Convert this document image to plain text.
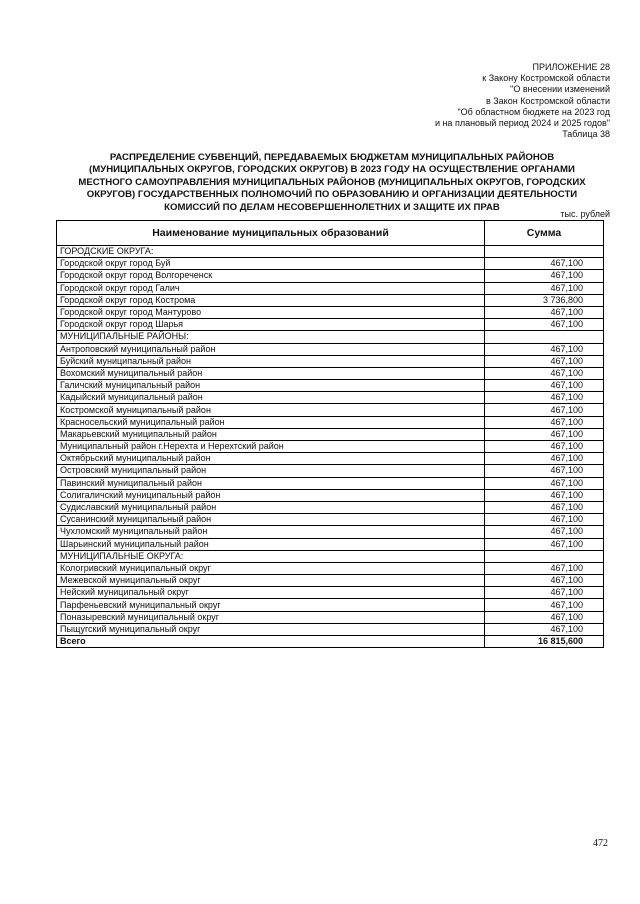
ПРИЛОЖЕНИЕ 28
к Закону Костромской области
"О внесении изменений
в Закон Костромской области
"Об областном бюджете на 2023 год
и на плановый период 2024 и 2025 годов"
Таблица 38
РАСПРЕДЕЛЕНИЕ СУБВЕНЦИЙ, ПЕРЕДАВАЕМЫХ БЮДЖЕТАМ МУНИЦИПАЛЬНЫХ РАЙОНОВ
(МУНИЦИПАЛЬНЫХ ОКРУГОВ, ГОРОДСКИХ ОКРУГОВ) В 2023 ГОДУ НА ОСУЩЕСТВЛЕНИЕ ОРГАНАМИ
МЕСТНОГО САМОУПРАВЛЕНИЯ МУНИЦИПАЛЬНЫХ РАЙОНОВ (МУНИЦИПАЛЬНЫХ ОКРУГОВ, ГОРОДСКИХ
ОКРУГОВ) ГОСУДАРСТВЕННЫХ ПОЛНОМОЧИЙ ПО ОБРАЗОВАНИЮ И ОРГАНИЗАЦИИ ДЕЯТЕЛЬНОСТИ
КОМИССИЙ ПО ДЕЛАМ НЕСОВЕРШЕННОЛЕТНИХ И ЗАЩИТЕ ИХ ПРАВ
тыс. рублей
Наименование муниципальных образований	Сумма
ГОРОДСКИЕ ОКРУГА:	
Городской округ город Буй	467,100
Городской округ город Волгореченск	467,100
Городской округ город Галич	467,100
Городской округ город Кострома	3 736,800
Городской округ город Мантурово	467,100
Городской округ город Шарья	467,100
МУНИЦИПАЛЬНЫЕ РАЙОНЫ:	
Антроповский муниципальный район	467,100
Буйский муниципальный район	467,100
Вохомский муниципальный район	467,100
Галичский муниципальный район	467,100
Кадыйский муниципальный район	467,100
Костромской муниципальный район	467,100
Красносельский муниципальный район	467,100
Макарьевский муниципальный район	467,100
Муниципальный район г.Нерехта и Нерехтский район	467,100
Октябрьский муниципальный район	467,100
Островский муниципальный район	467,100
Павинский муниципальный район	467,100
Солигаличский муниципальный район	467,100
Судиславский муниципальный район	467,100
Сусанинский муниципальный район	467,100
Чухломский муниципальный район	467,100
Шарьинский муниципальный район	467,100
МУНИЦИПАЛЬНЫЕ ОКРУГА:	
Кологривский муниципальный округ	467,100
Межевской муниципальный округ	467,100
Нейский муниципальный округ	467,100
Парфеньевский муниципальный округ	467,100
Поназыревский муниципальный округ	467,100
Пыщугский муниципальный округ	467,100
Всего	16 815,600
472
